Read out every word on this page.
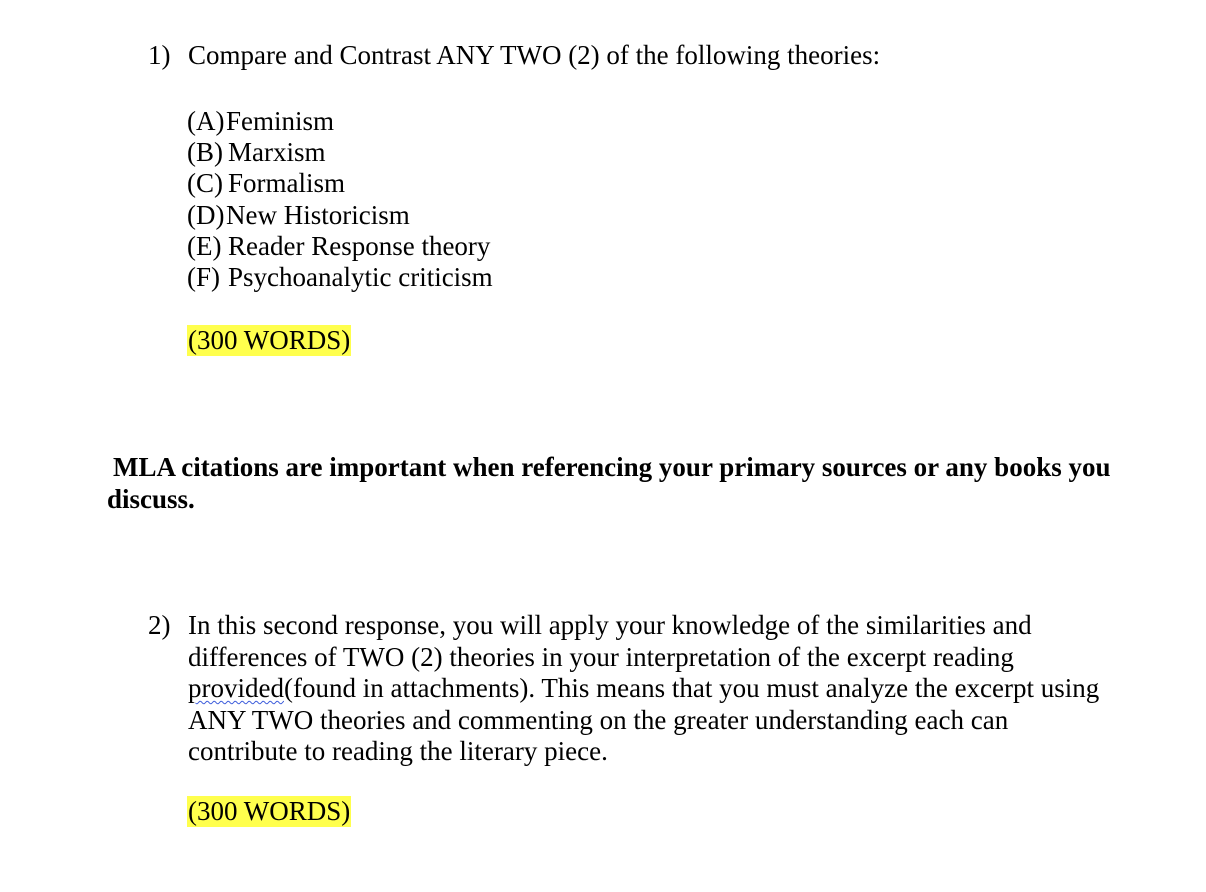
1) Compare and Contrast ANY TWO (2) of the following theories:
(A)Feminism
(B) Marxism
(C) Formalism
(D)New Historicism
(E) Reader Response theory
(F) Psychoanalytic criticism
(300 WORDS)
MLA citations are important when referencing your primary sources or any books you
discuss.
2) In this second response, you will apply your knowledge of the similarities and
differences of TWO (2) theories in your interpretation of the excerpt reading
provided(found in attachments). This means that you must analyze the excerpt using
ANY TWO theories and commenting on the greater understanding each can
contribute to reading the literary piece.
(300 WORDS)
